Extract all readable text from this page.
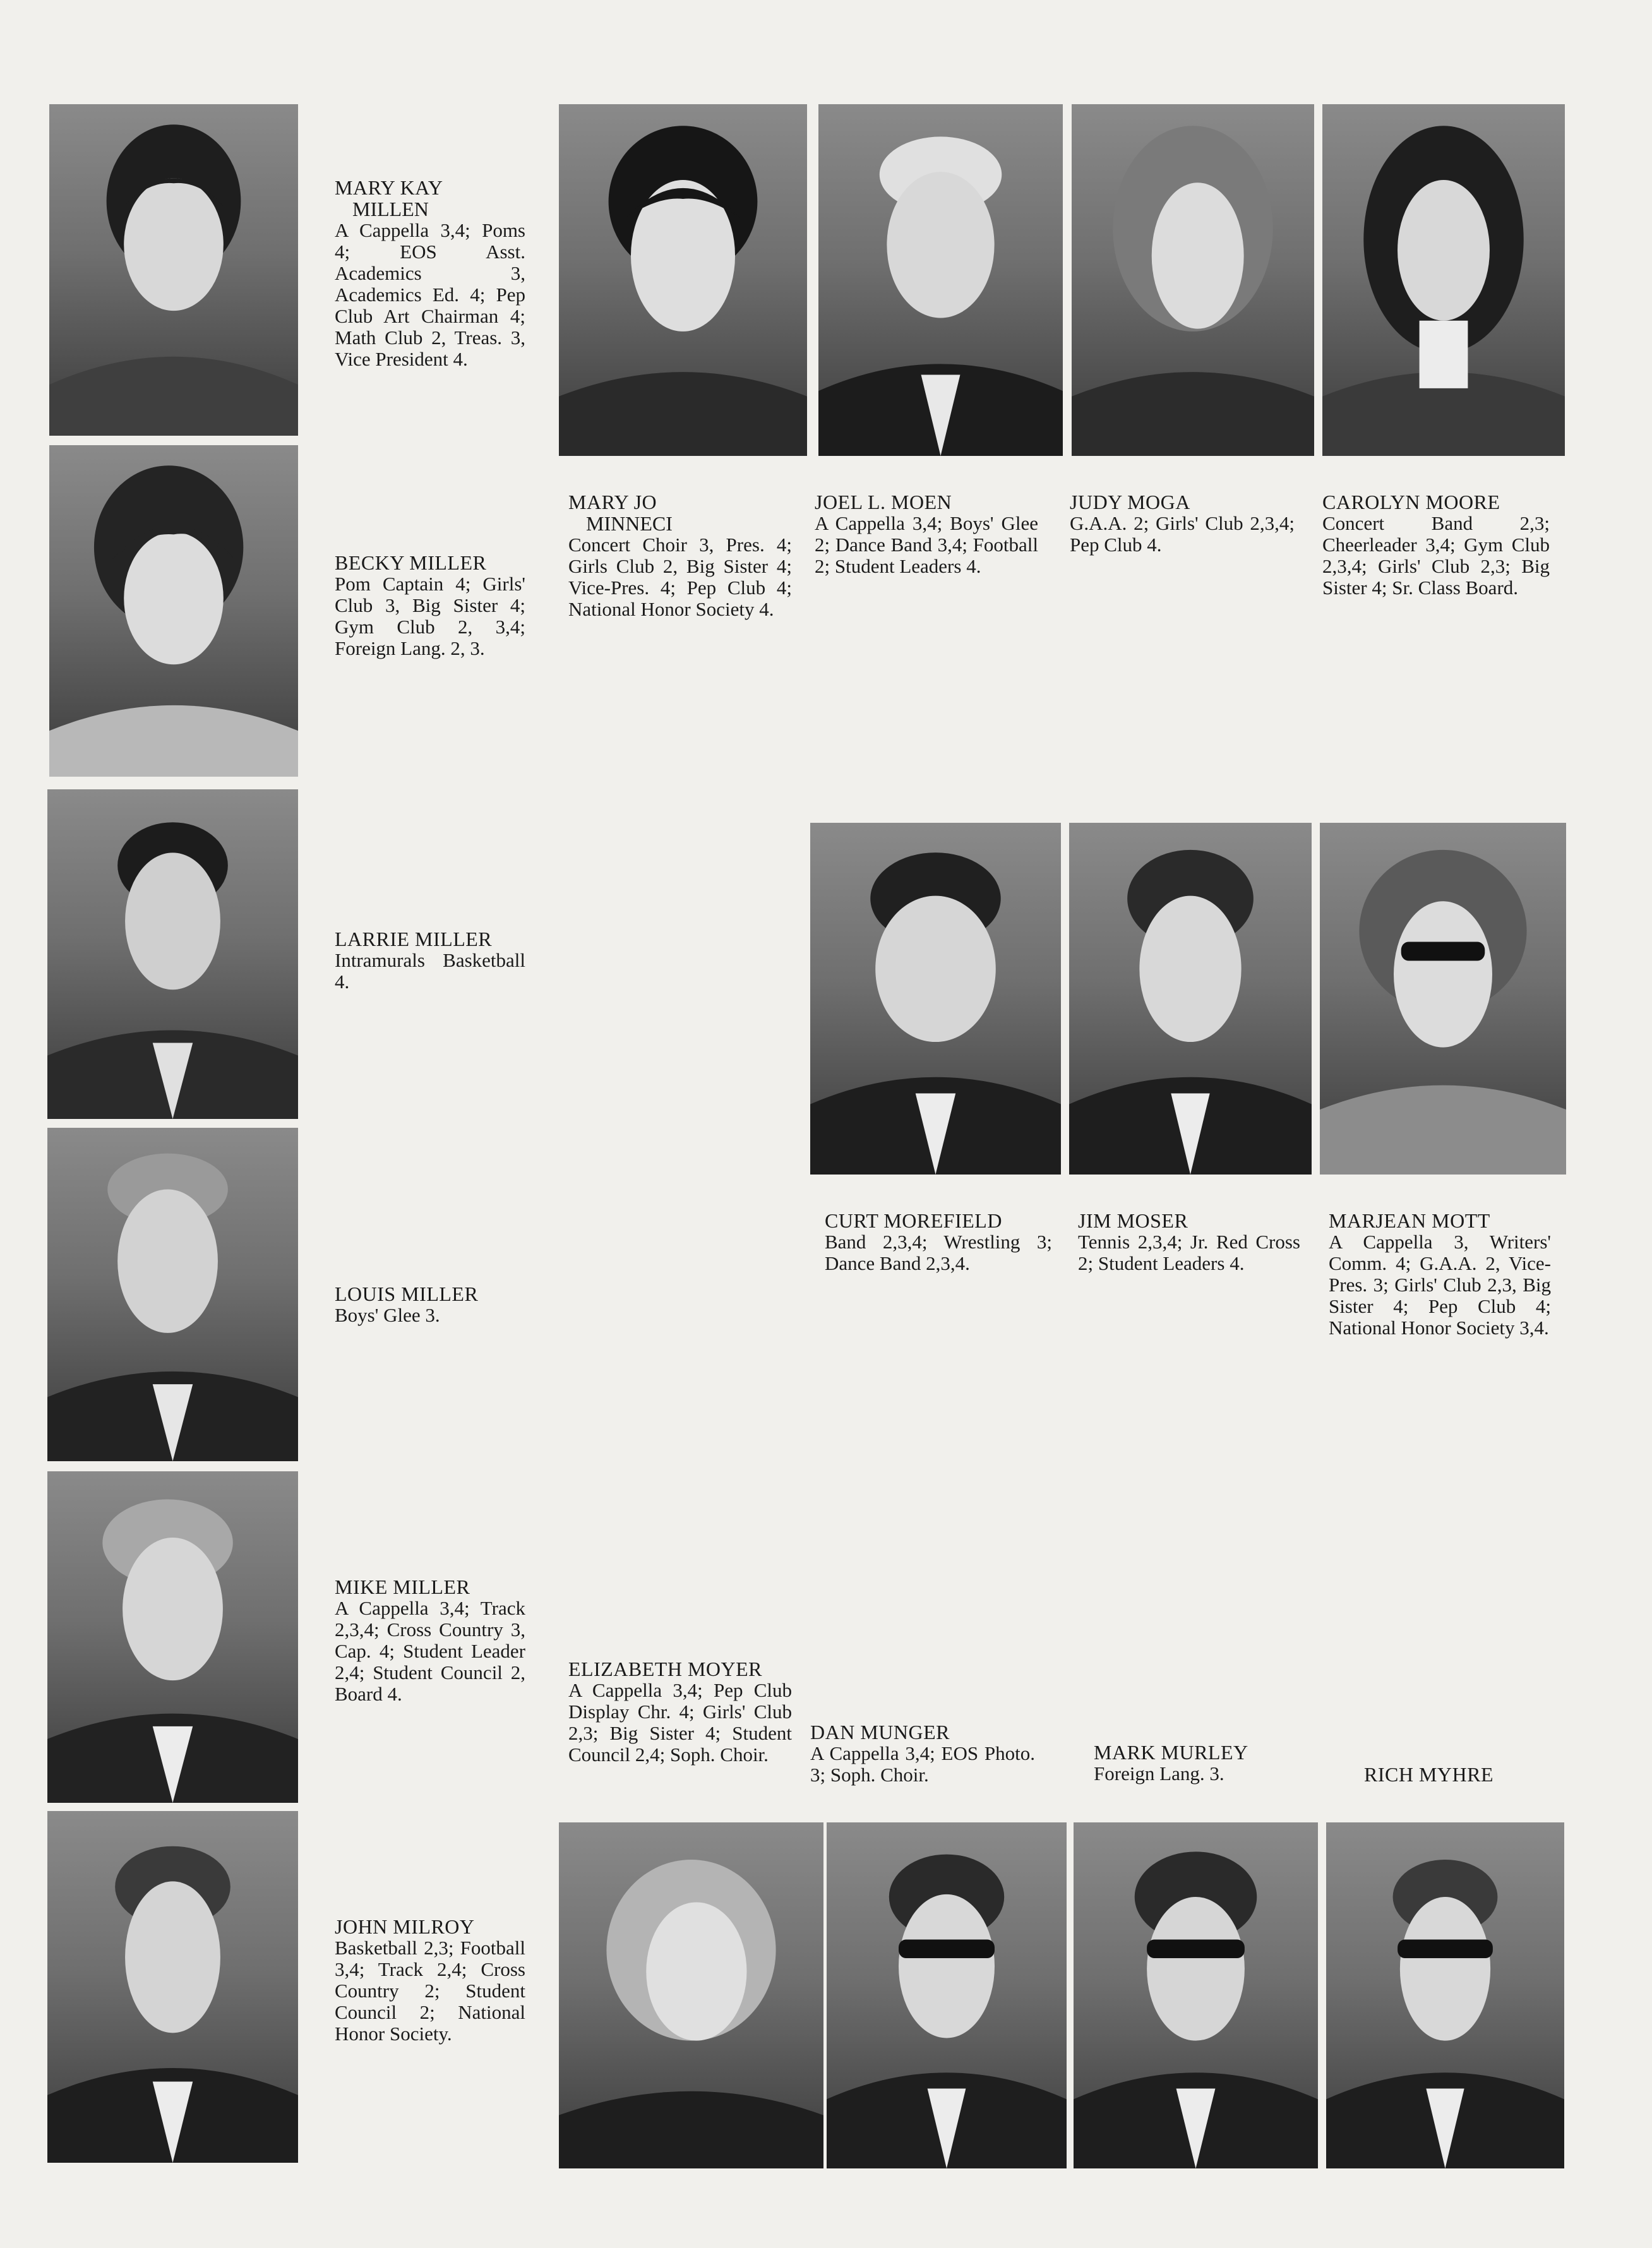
MARY KAY
MILLEN
A Cappella 3,4; Poms 4; EOS Asst. Academics 3, Academics Ed. 4; Pep Club Art Chairman 4; Math Club 2, Treas. 3, Vice President 4.
BECKY MILLER
Pom Captain 4; Girls' Club 3, Big Sister 4; Gym Club 2, 3,4; Foreign Lang. 2, 3.
LARRIE MILLER
Intramurals Basketball 4.
LOUIS MILLER
Boys' Glee 3.
MIKE MILLER
A Cappella 3,4; Track 2,3,4; Cross Country 3, Cap. 4; Student Leader 2,4; Student Council 2, Board 4.
JOHN MILROY
Basketball 2,3; Football 3,4; Track 2,4; Cross Country 2; Student Council 2; National Honor Society.
MARY JO
MINNECI
Concert Choir 3, Pres. 4; Girls Club 2, Big Sister 4; Vice-Pres. 4; Pep Club 4; National Honor Society 4.
JOEL L. MOEN
A Cappella 3,4; Boys' Glee 2; Dance Band 3,4; Football 2; Student Leaders 4.
JUDY MOGA
G.A.A. 2; Girls' Club 2,3,4; Pep Club 4.
CAROLYN MOORE
Concert Band 2,3; Cheerleader 3,4; Gym Club 2,3,4; Girls' Club 2,3; Big Sister 4; Sr. Class Board.
CURT MOREFIELD
Band 2,3,4; Wrestling 3; Dance Band 2,3,4.
JIM MOSER
Tennis 2,3,4; Jr. Red Cross 2; Student Leaders 4.
MARJEAN MOTT
A Cappella 3, Writers' Comm. 4; G.A.A. 2, Vice-Pres. 3; Girls' Club 2,3, Big Sister 4; Pep Club 4; National Honor Society 3,4.
ELIZABETH MOYER
A Cappella 3,4; Pep Club Display Chr. 4; Girls' Club 2,3; Big Sister 4; Student Council 2,4; Soph. Choir.
DAN MUNGER
A Cappella 3,4; EOS Photo. 3; Soph. Choir.
MARK MURLEY
Foreign Lang. 3.	RICH MYHRE
